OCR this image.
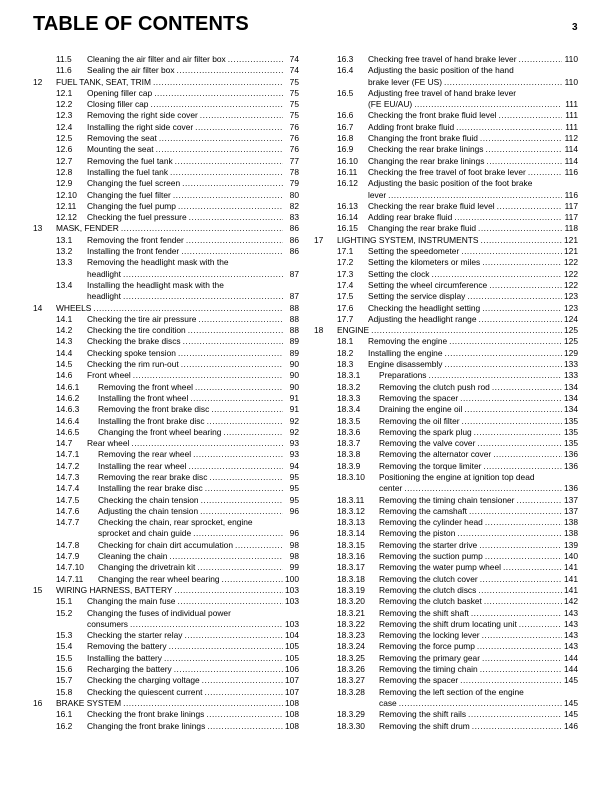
TABLE OF CONTENTS	3
11.5 Cleaning the air filter and air filter box .....	74
11.6 Sealing the air filter box .....	74
12 FUEL TANK, SEAT, TRIM .....	75
12.1 Opening filler cap .....	75
12.2 Closing filler cap .....	75
12.3 Removing the right side cover .....	75
12.4 Installing the right side cover .....	76
12.5 Removing the seat .....	76
12.6 Mounting the seat .....	76
12.7 Removing the fuel tank .....	77
12.8 Installing the fuel tank .....	78
12.9 Changing the fuel screen .....	79
12.10 Changing the fuel filter .....	80
12.11 Changing the fuel pump .....	82
12.12 Checking the fuel pressure .....	83
13 MASK, FENDER .....	86
13.1 Removing the front fender .....	86
13.2 Installing the front fender .....	86
13.3 Removing the headlight mask with the
headlight .....	87
13.4 Installing the headlight mask with the
headlight .....	87
14 WHEELS .....	88
14.1 Checking the tire air pressure .....	88
14.2 Checking the tire condition .....	88
14.3 Checking the brake discs .....	89
14.4 Checking spoke tension .....	89
14.5 Checking the rim run-out .....	90
14.6 Front wheel .....	90
14.6.1 Removing the front wheel .....	90
14.6.2 Installing the front wheel .....	91
14.6.3 Removing the front brake disc .....	91
14.6.4 Installing the front brake disc .....	92
14.6.5 Changing the front wheel bearing .....	92
14.7 Rear wheel .....	93
14.7.1 Removing the rear wheel .....	93
14.7.2 Installing the rear wheel .....	94
14.7.3 Removing the rear brake disc .....	95
14.7.4 Installing the rear brake disc .....	95
14.7.5 Checking the chain tension .....	95
14.7.6 Adjusting the chain tension .....	96
14.7.7 Checking the chain, rear sprocket, engine
sprocket and chain guide .....	96
14.7.8 Checking for chain dirt accumulation .....	98
14.7.9 Cleaning the chain .....	98
14.7.10 Changing the drivetrain kit .....	99
14.7.11 Changing the rear wheel bearing .....	100
15 WIRING HARNESS, BATTERY .....	103
15.1 Changing the main fuse .....	103
15.2 Changing the fuses of individual power
consumers .....	103
15.3 Checking the starter relay .....	104
15.4 Removing the battery .....	105
15.5 Installing the battery .....	105
15.6 Recharging the battery .....	106
15.7 Checking the charging voltage .....	107
15.8 Checking the quiescent current .....	107
16 BRAKE SYSTEM .....	108
16.1 Checking the front brake linings .....	108
16.2 Changing the front brake linings .....	108
16.3 Checking free travel of hand brake lever .....	110
16.4 Adjusting the basic position of the hand
brake lever (FE US) .....	110
16.5 Adjusting free travel of hand brake lever
(FE EU/AU) .....	111
16.6 Checking the front brake fluid level .....	111
16.7 Adding front brake fluid .....	111
16.8 Changing the front brake fluid .....	112
16.9 Checking the rear brake linings .....	114
16.10 Changing the rear brake linings .....	114
16.11 Checking the free travel of foot brake lever .....	116
16.12 Adjusting the basic position of the foot brake
lever .....	116
16.13 Checking the rear brake fluid level .....	117
16.14 Adding rear brake fluid .....	117
16.15 Changing the rear brake fluid .....	118
17 LIGHTING SYSTEM, INSTRUMENTS .....	121
17.1 Setting the speedometer .....	121
17.2 Setting the kilometers or miles .....	122
17.3 Setting the clock .....	122
17.4 Setting the wheel circumference .....	122
17.5 Setting the service display .....	123
17.6 Checking the headlight setting .....	123
17.7 Adjusting the headlight range .....	124
18 ENGINE .....	125
18.1 Removing the engine .....	125
18.2 Installing the engine .....	129
18.3 Engine disassembly .....	133
18.3.1 Preparations .....	133
18.3.2 Removing the clutch push rod .....	134
18.3.3 Removing the spacer .....	134
18.3.4 Draining the engine oil .....	134
18.3.5 Removing the oil filter .....	135
18.3.6 Removing the spark plug .....	135
18.3.7 Removing the valve cover .....	135
18.3.8 Removing the alternator cover .....	136
18.3.9 Removing the torque limiter .....	136
18.3.10 Positioning the engine at ignition top dead
center .....	136
18.3.11 Removing the timing chain tensioner .....	137
18.3.12 Removing the camshaft .....	137
18.3.13 Removing the cylinder head .....	138
18.3.14 Removing the piston .....	138
18.3.15 Removing the starter drive .....	139
18.3.16 Removing the suction pump .....	140
18.3.17 Removing the water pump wheel .....	141
18.3.18 Removing the clutch cover .....	141
18.3.19 Removing the clutch discs .....	141
18.3.20 Removing the clutch basket .....	142
18.3.21 Removing the shift shaft .....	143
18.3.22 Removing the shift drum locating unit .....	143
18.3.23 Removing the locking lever .....	143
18.3.24 Removing the force pump .....	143
18.3.25 Removing the primary gear .....	144
18.3.26 Removing the timing chain .....	144
18.3.27 Removing the spacer .....	145
18.3.28 Removing the left section of the engine
case .....	145
18.3.29 Removing the shift rails .....	145
18.3.30 Removing the shift drum .....	146
